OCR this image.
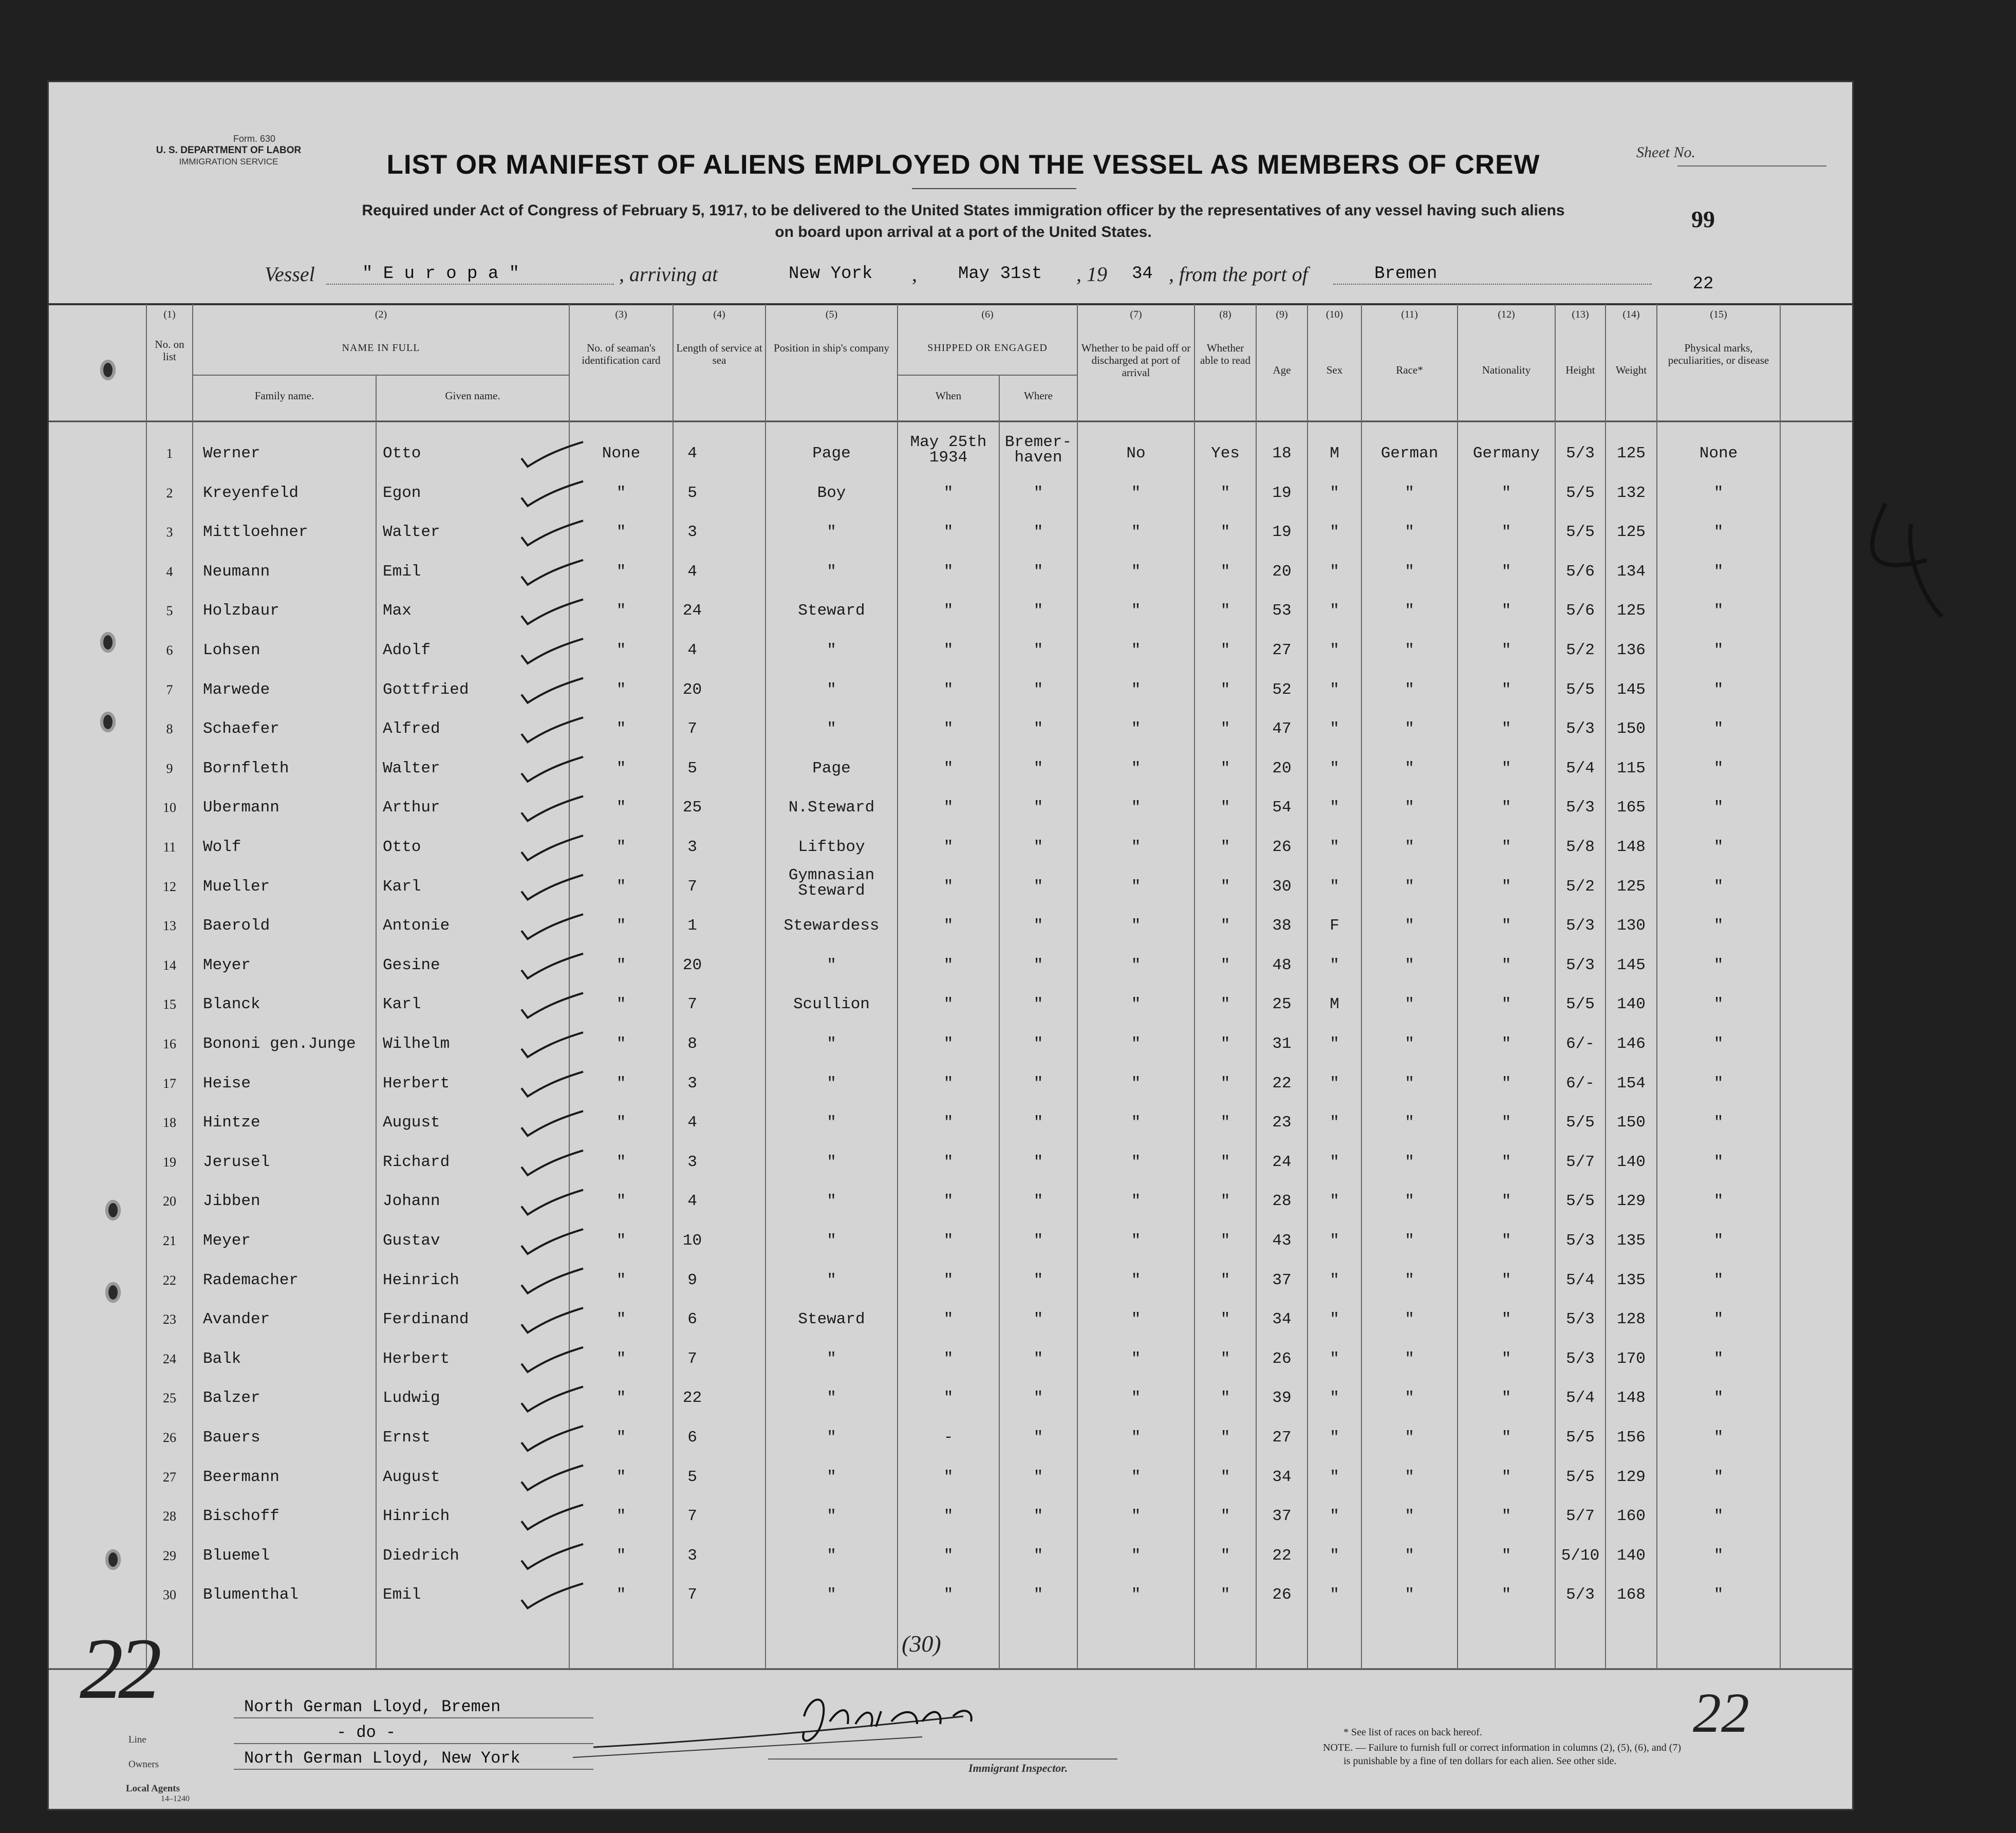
Form. 630
U. S. DEPARTMENT OF LABOR
IMMIGRATION SERVICE
Sheet No.
99
LIST OR MANIFEST OF ALIENS EMPLOYED ON THE VESSEL AS MEMBERS OF CREW
Required under Act of Congress of February 5, 1917, to be delivered to the United States immigration officer by the representatives of any vessel having such aliens
on board upon arrival at a port of the United States.
Vessel	" E u r o p a "	, arriving at	New York , May 31st , 19 34 , from the port of	Bremen
22
(1)
No. on list
(2)
NAME IN FULL
(3)
No. of seaman's identification card
(4)
Length of service at sea
(5)
Position in ship's company
(6)
SHIPPED OR ENGAGED
(7)
Whether to be paid off or discharged at port of arrival
(8)
Whether able to read
(9)
Age
(10)
Sex
(11)
Race*
(12)
Nationality
(13)
Height
(14)
Weight
(15)
Physical marks, peculiarities, or disease
Family name.	Given name.	When	Where
1	Werner	Otto	None	4	Page
May 25th
1934
Bremer-
haven	No	Yes	18	M	German	Germany	5/3	125	None
2	Kreyenfeld	Egon	"	5	Boy	"	"	"	"	19	"	"	"	5/5	132	"
3	Mittloehner	Walter	"	3	"	"	"	"	"	19	"	"	"	5/5	125	"
4	Neumann	Emil	"	4	"	"	"	"	"	20	"	"	"	5/6	134	"
5	Holzbaur	Max	"	24	Steward	"	"	"	"	53	"	"	"	5/6	125	"
6	Lohsen	Adolf	"	4	"	"	"	"	"	27	"	"	"	5/2	136	"
7	Marwede	Gottfried	"	20	"	"	"	"	"	52	"	"	"	5/5	145	"
8	Schaefer	Alfred	"	7	"	"	"	"	"	47	"	"	"	5/3	150	"
9	Bornfleth	Walter	"	5	Page	"	"	"	"	20	"	"	"	5/4	115	"
10	Ubermann	Arthur	"	25	N.Steward	"	"	"	"	54	"	"	"	5/3	165	"
11	Wolf	Otto	"	3	Liftboy	"	"	"	"	26	"	"	"	5/8	148	"
12	Mueller	Karl	"	7
Gymnasian
Steward	"	"	"	"	30	"	"	"	5/2	125	"
13	Baerold	Antonie	"	1	Stewardess	"	"	"	"	38	F	"	"	5/3	130	"
14	Meyer	Gesine	"	20	"	"	"	"	"	48	"	"	"	5/3	145	"
15	Blanck	Karl	"	7	Scullion	"	"	"	"	25	M	"	"	5/5	140	"
16	Bononi gen.Junge	Wilhelm	"	8	"	"	"	"	"	31	"	"	"	6/-	146	"
17	Heise	Herbert	"	3	"	"	"	"	"	22	"	"	"	6/-	154	"
18	Hintze	August	"	4	"	"	"	"	"	23	"	"	"	5/5	150	"
19	Jerusel	Richard	"	3	"	"	"	"	"	24	"	"	"	5/7	140	"
20	Jibben	Johann	"	4	"	"	"	"	"	28	"	"	"	5/5	129	"
21	Meyer	Gustav	"	10	"	"	"	"	"	43	"	"	"	5/3	135	"
22	Rademacher	Heinrich	"	9	"	"	"	"	"	37	"	"	"	5/4	135	"
23	Avander	Ferdinand	"	6	Steward	"	"	"	"	34	"	"	"	5/3	128	"
24	Balk	Herbert	"	7	"	"	"	"	"	26	"	"	"	5/3	170	"
25	Balzer	Ludwig	"	22	"	"	"	"	"	39	"	"	"	5/4	148	"
26	Bauers	Ernst	"	6	"	-	"	"	"	27	"	"	"	5/5	156	"
27	Beermann	August	"	5	"	"	"	"	"	34	"	"	"	5/5	129	"
28	Bischoff	Hinrich	"	7	"	"	"	"	"	37	"	"	"	5/7	160	"
29	Bluemel	Diedrich	"	3	"	"	"	"	"	22	"	"	"	5/10	140	"
30	Blumenthal	Emil	"	7	"	"	"	"	"	26	"	"	"	5/3	168	"
(30)
22	22
Line
North German Lloyd, Bremen
Owners
- do -
Local Agents
14–1240
North German Lloyd, New York
Immigrant Inspector.
* See list of races on back hereof.
NOTE. — Failure to furnish full or correct information in columns (2), (5), (6), and (7)
is punishable by a fine of ten dollars for each alien. See other side.
